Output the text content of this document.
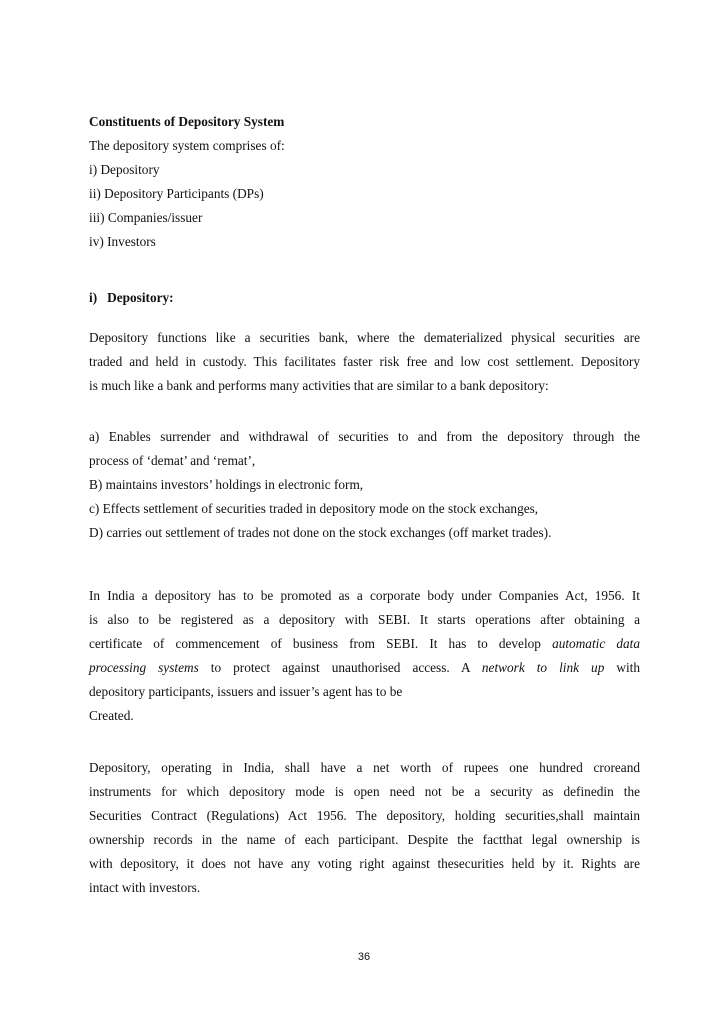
Constituents of Depository System
The depository system comprises of:
i) Depository
ii) Depository Participants (DPs)
iii) Companies/issuer
iv) Investors
i)   Depository:
Depository functions like a securities bank, where the dematerialized physical securities are
traded and held in custody. This facilitates faster risk free and low cost settlement. Depository
is much like a bank and performs many activities that are similar to a bank depository:
a) Enables surrender and withdrawal of securities to and from the depository through the
process of ‘demat’ and ‘remat’,
B) maintains investors’ holdings in electronic form,
c) Effects settlement of securities traded in depository mode on the stock exchanges,
D) carries out settlement of trades not done on the stock exchanges (off market trades).
In India a depository has to be promoted as a corporate body under Companies Act, 1956. It
is also to be registered as a depository with SEBI. It starts operations after obtaining a
certificate of commencement of business from SEBI. It has to develop automatic data
processing systems to protect against unauthorised access. A network to link up with
depository participants, issuers and issuer’s agent has to be
Created.
Depository, operating in India, shall have a net worth of rupees one hundred croreand
instruments for which depository mode is open need not be a security as definedin the
Securities Contract (Regulations) Act 1956. The depository, holding securities,shall maintain
ownership records in the name of each participant. Despite the factthat legal ownership is
with depository, it does not have any voting right against thesecurities held by it. Rights are
intact with investors.
36
